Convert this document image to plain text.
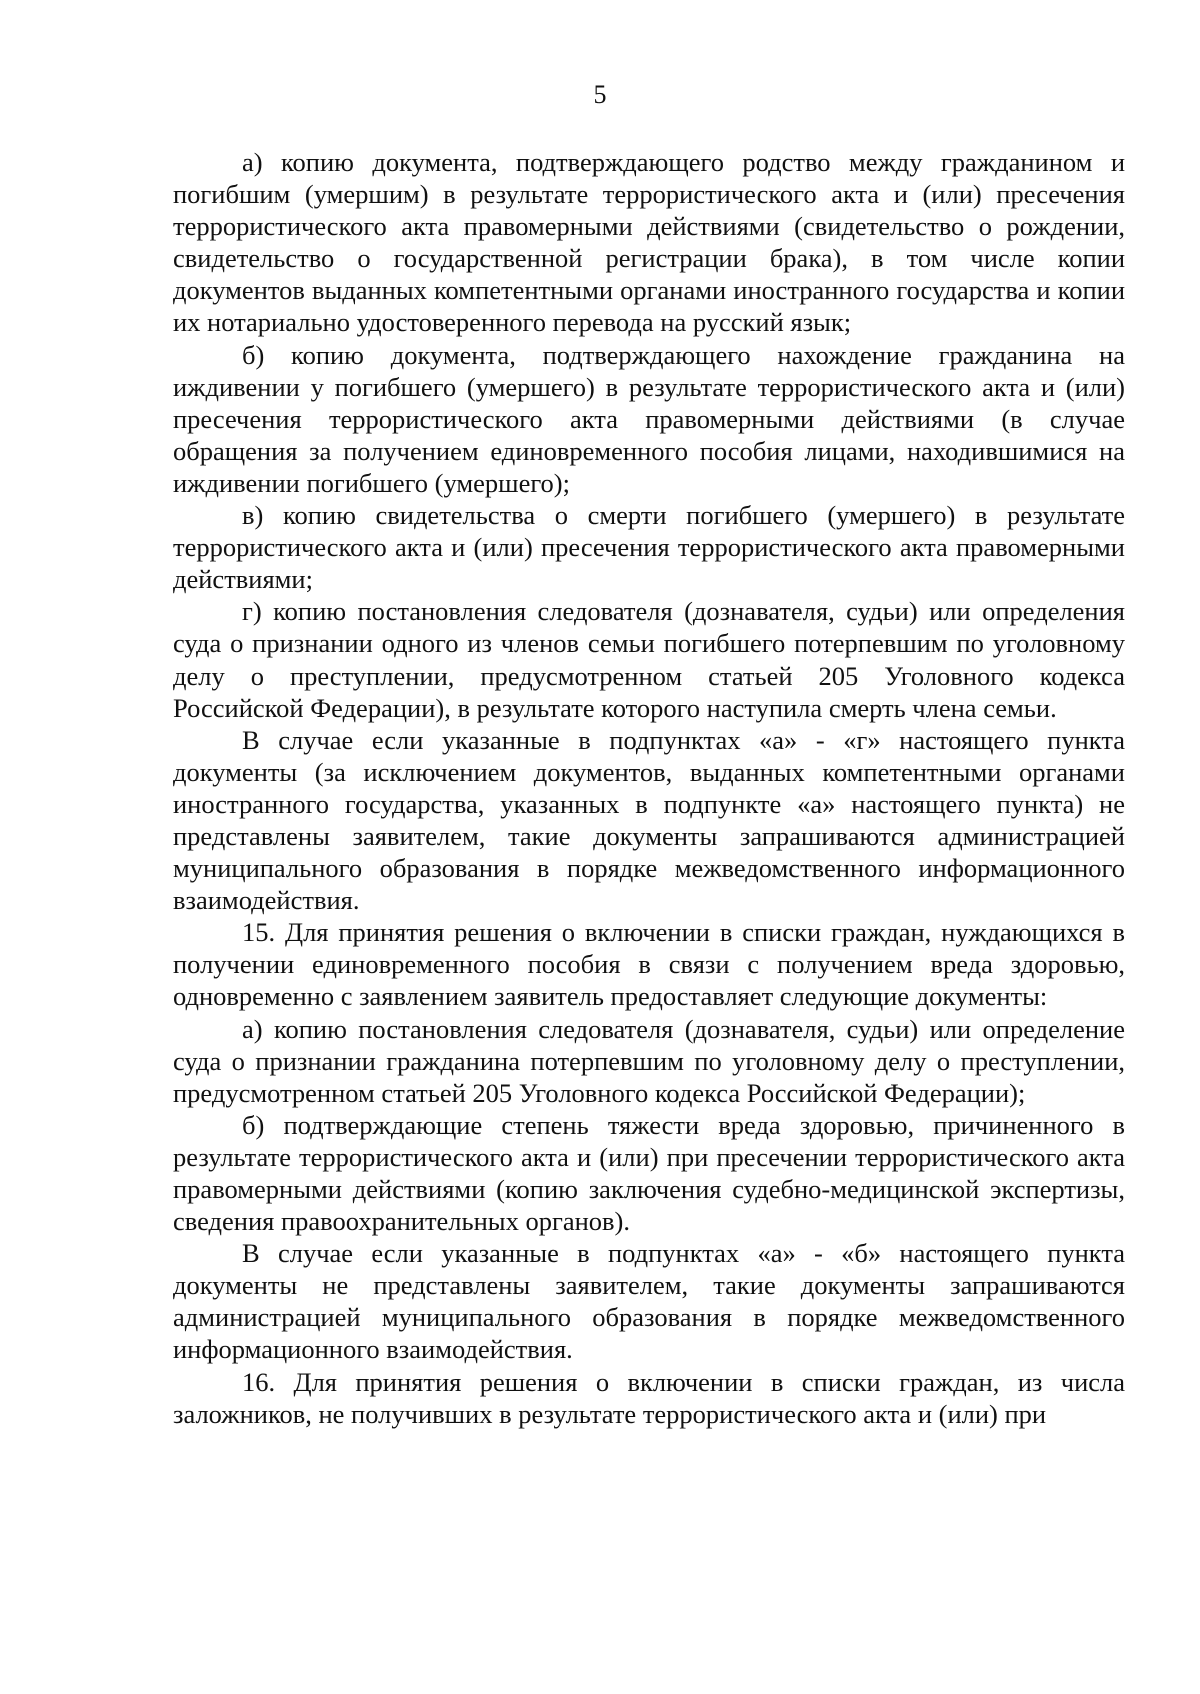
5

а) копию документа, подтверждающего родство между гражданином и погибшим (умершим) в результате террористического акта и (или) пресечения террористического акта правомерными действиями (свидетельство о рождении, свидетельство о государственной регистрации брака), в том числе копии документов выданных компетентными органами иностранного государства и копии их нотариально удостоверенного перевода на русский язык;

б) копию документа, подтверждающего нахождение гражданина на иждивении у погибшего (умершего) в результате террористического акта и (или) пресечения террористического акта правомерными действиями (в случае обращения за получением единовременного пособия лицами, находившимися на иждивении погибшего (умершего);

в) копию свидетельства о смерти погибшего (умершего) в результате террористического акта и (или) пресечения террористического акта правомерными действиями;

г) копию постановления следователя (дознавателя, судьи) или определения суда о признании одного из членов семьи погибшего потерпевшим по уголовному делу о преступлении, предусмотренном статьей 205 Уголовного кодекса Российской Федерации), в результате которого наступила смерть члена семьи.

В случае если указанные в подпунктах «а» - «г» настоящего пункта документы (за исключением документов, выданных компетентными органами иностранного государства, указанных в подпункте «а» настоящего пункта) не представлены заявителем, такие документы запрашиваются администрацией муниципального образования в порядке межведомственного информационного взаимодействия.

15. Для принятия решения о включении в списки граждан, нуждающихся в получении единовременного пособия в связи с получением вреда здоровью, одновременно с заявлением заявитель предоставляет следующие документы:

а) копию постановления следователя (дознавателя, судьи) или определение суда о признании гражданина потерпевшим по уголовному делу о преступлении, предусмотренном статьей 205 Уголовного кодекса Российской Федерации);

б) подтверждающие степень тяжести вреда здоровью, причиненного в результате террористического акта и (или) при пресечении террористического акта правомерными действиями (копию заключения судебно-медицинской экспертизы, сведения правоохранительных органов).

В случае если указанные в подпунктах «а» - «б» настоящего пункта документы не представлены заявителем, такие документы запрашиваются администрацией муниципального образования в порядке межведомственного информационного взаимодействия.

16. Для принятия решения о включении в списки граждан, из числа заложников, не получивших в результате террористического акта и (или) при
